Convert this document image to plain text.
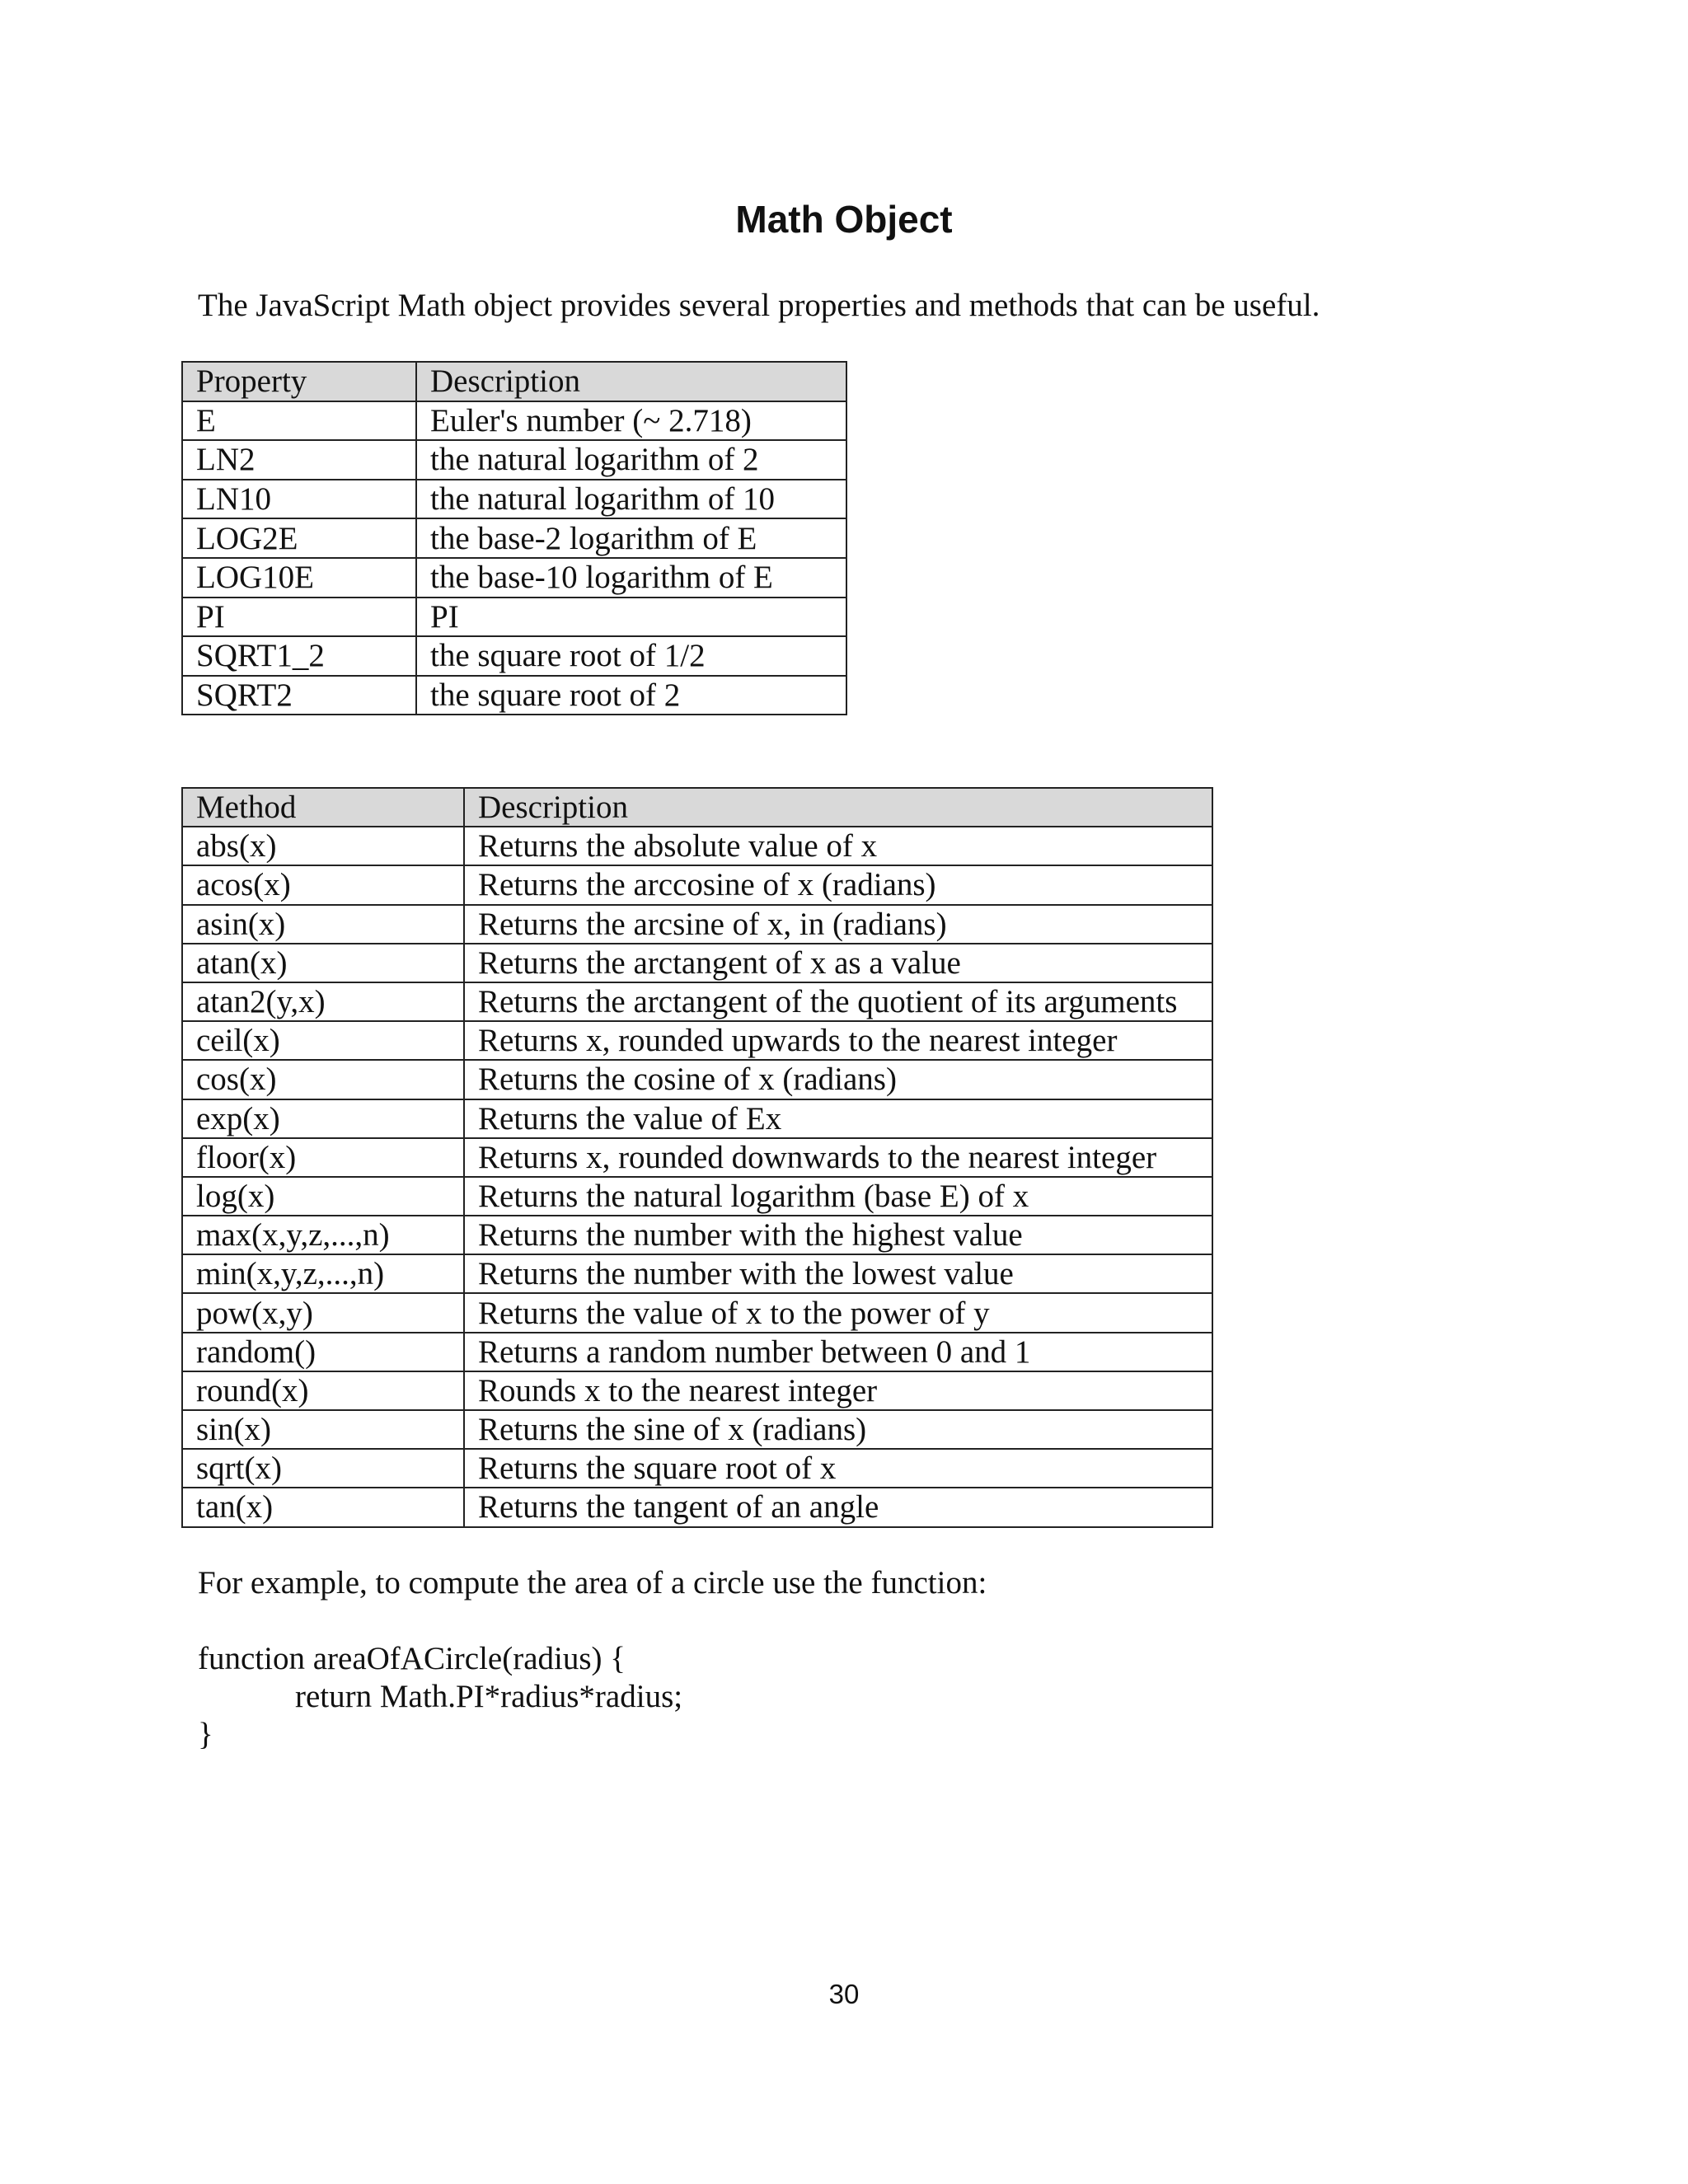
Math Object
The JavaScript Math object provides several properties and methods that can be useful.
Property	Description
E	Euler's number (~ 2.718)
LN2	the natural logarithm of 2
LN10	the natural logarithm of 10
LOG2E	the base-2 logarithm of E
LOG10E	the base-10 logarithm of E
PI	PI
SQRT1_2	the square root of 1/2
SQRT2	the square root of 2
Method	Description
abs(x)	Returns the absolute value of x
acos(x)	Returns the arccosine of x (radians)
asin(x)	Returns the arcsine of x, in (radians)
atan(x)	Returns the arctangent of x as a value
atan2(y,x)	Returns the arctangent of the quotient of its arguments
ceil(x)	Returns x, rounded upwards to the nearest integer
cos(x)	Returns the cosine of x (radians)
exp(x)	Returns the value of Ex
floor(x)	Returns x, rounded downwards to the nearest integer
log(x)	Returns the natural logarithm (base E) of x
max(x,y,z,...,n)	Returns the number with the highest value
min(x,y,z,...,n)	Returns the number with the lowest value
pow(x,y)	Returns the value of x to the power of y
random()	Returns a random number between 0 and 1
round(x)	Rounds x to the nearest integer
sin(x)	Returns the sine of x (radians)
sqrt(x)	Returns the square root of x
tan(x)	Returns the tangent of an angle
For example, to compute the area of a circle use the function:
function areaOfACircle(radius) {
return Math.PI*radius*radius;
}
30
